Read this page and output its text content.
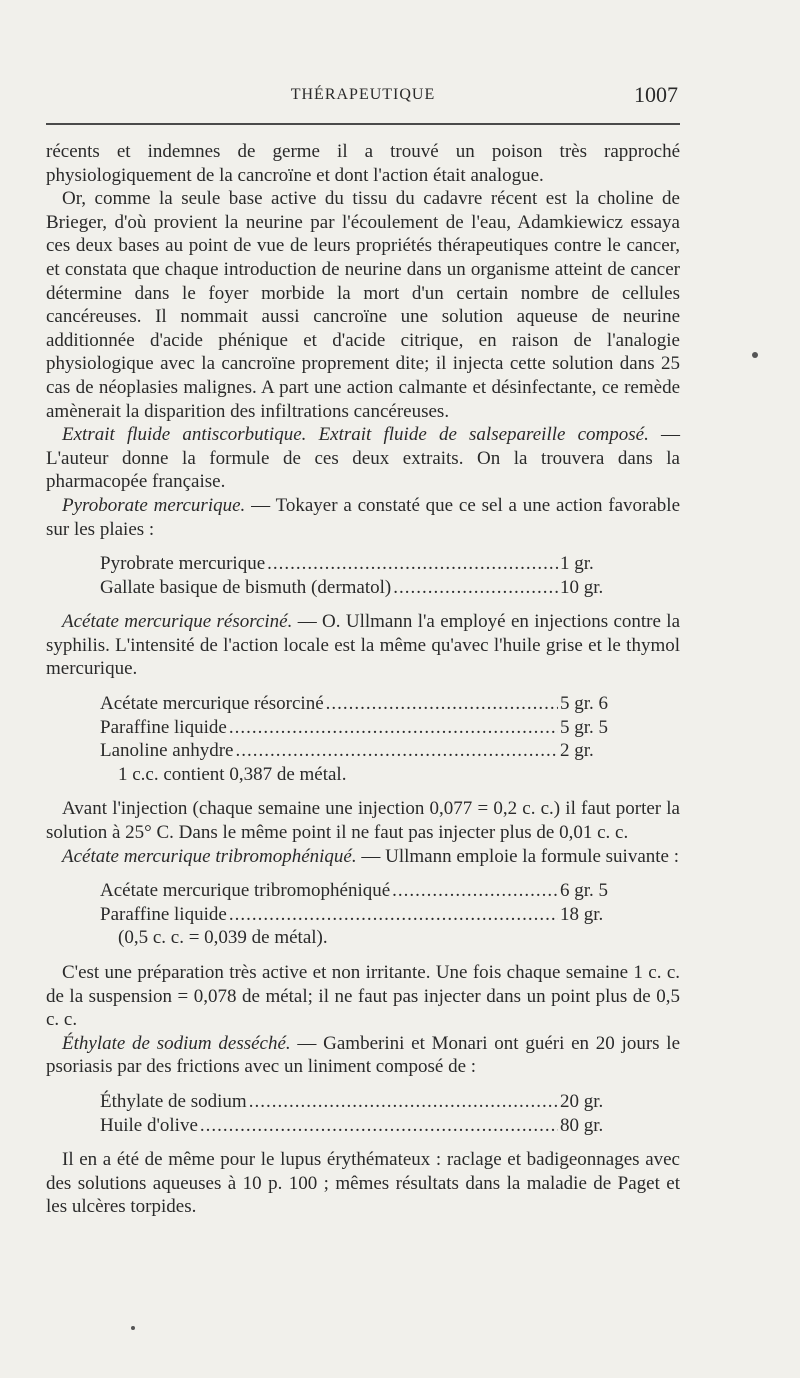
THÉRAPEUTIQUE	1007

récents et indemnes de germe il a trouvé un poison très rapproché physiologiquement de la cancroïne et dont l'action était analogue.

Or, comme la seule base active du tissu du cadavre récent est la choline de Brieger, d'où provient la neurine par l'écoulement de l'eau, Adamkiewicz essaya ces deux bases au point de vue de leurs propriétés thérapeutiques contre le cancer, et constata que chaque introduction de neurine dans un organisme atteint de cancer détermine dans le foyer morbide la mort d'un certain nombre de cellules cancéreuses. Il nommait aussi cancroïne une solution aqueuse de neurine additionnée d'acide phénique et d'acide citrique, en raison de l'analogie physiologique avec la cancroïne proprement dite; il injecta cette solution dans 25 cas de néoplasies malignes. A part une action calmante et désinfectante, ce remède amènerait la disparition des infiltrations cancéreuses.

Extrait fluide antiscorbutique. Extrait fluide de salsepareille composé. — L'auteur donne la formule de ces deux extraits. On la trouvera dans la pharmacopée française.

Pyroborate mercurique. — Tokayer a constaté que ce sel a une action favorable sur les plaies :

Pyrobrate mercurique .....	1 gr.
Gallate basique de bismuth (dermatol) .....	10 gr.

Acétate mercurique résorciné. — O. Ullmann l'a employé en injections contre la syphilis. L'intensité de l'action locale est la même qu'avec l'huile grise et le thymol mercurique.

Acétate mercurique résorciné .....	5 gr. 6
Paraffine liquide .....	5 gr. 5
Lanoline anhydre .....	2 gr.
1 c.c. contient 0,387 de métal.

Avant l'injection (chaque semaine une injection 0,077 = 0,2 c. c.) il faut porter la solution à 25° C. Dans le même point il ne faut pas injecter plus de 0,01 c. c.

Acétate mercurique tribromophéniqué. — Ullmann emploie la formule suivante :

Acétate mercurique tribromophéniqué .....	6 gr. 5
Paraffine liquide .....	18 gr.
(0,5 c. c. = 0,039 de métal).

C'est une préparation très active et non irritante. Une fois chaque semaine 1 c. c. de la suspension = 0,078 de métal; il ne faut pas injecter dans un point plus de 0,5 c. c.

Éthylate de sodium desséché. — Gamberini et Monari ont guéri en 20 jours le psoriasis par des frictions avec un liniment composé de :

Éthylate de sodium .....	20 gr.
Huile d'olive .....	80 gr.

Il en a été de même pour le lupus érythémateux : raclage et badigeonnages avec des solutions aqueuses à 10 p. 100 ; mêmes résultats dans la maladie de Paget et les ulcères torpides.
